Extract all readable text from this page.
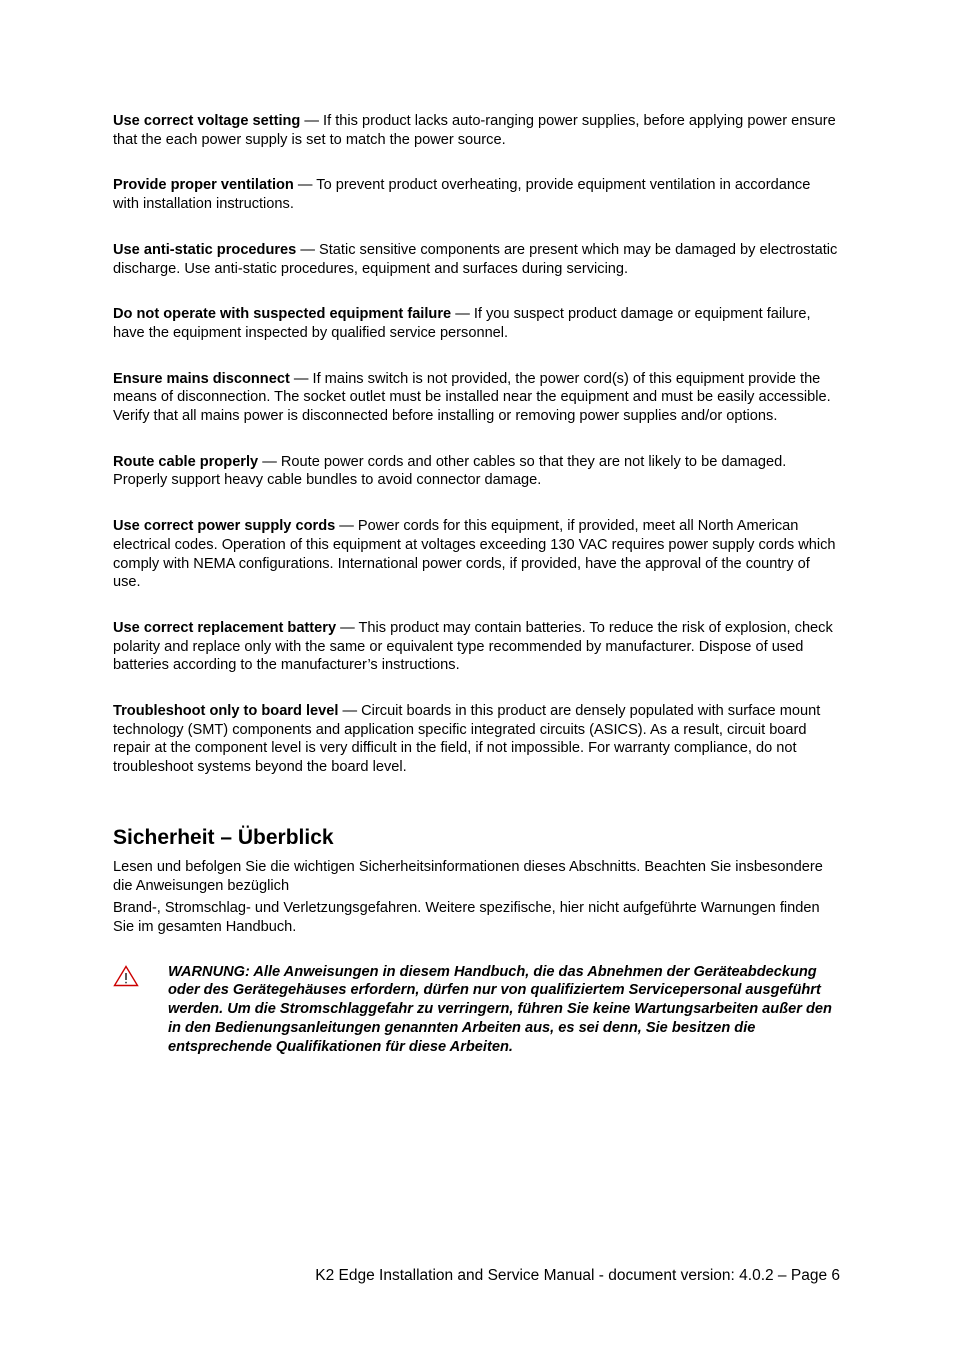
Use correct voltage setting — If this product lacks auto-ranging power supplies, before applying power ensure that the each power supply is set to match the power source.
Provide proper ventilation — To prevent product overheating, provide equipment ventilation in accordance with installation instructions.
Use anti-static procedures — Static sensitive components are present which may be damaged by electrostatic discharge. Use anti-static procedures, equipment and surfaces during servicing.
Do not operate with suspected equipment failure — If you suspect product damage or equipment failure, have the equipment inspected by qualified service personnel.
Ensure mains disconnect — If mains switch is not provided, the power cord(s) of this equipment provide the means of disconnection. The socket outlet must be installed near the equipment and must be easily accessible. Verify that all mains power is disconnected before installing or removing power supplies and/or options.
Route cable properly — Route power cords and other cables so that they are not likely to be damaged. Properly support heavy cable bundles to avoid connector damage.
Use correct power supply cords — Power cords for this equipment, if provided, meet all North American electrical codes. Operation of this equipment at voltages exceeding 130 VAC requires power supply cords which comply with NEMA configurations. International power cords, if provided, have the approval of the country of use.
Use correct replacement battery — This product may contain batteries. To reduce the risk of explosion, check polarity and replace only with the same or equivalent type recommended by manufacturer. Dispose of used batteries according to the manufacturer’s instructions.
Troubleshoot only to board level — Circuit boards in this product are densely populated with surface mount technology (SMT) components and application specific integrated circuits (ASICS). As a result, circuit board repair at the component level is very difficult in the field, if not impossible. For warranty compliance, do not troubleshoot systems beyond the board level.
Sicherheit – Überblick

Lesen und befolgen Sie die wichtigen Sicherheitsinformationen dieses Abschnitts. Beachten Sie insbesondere die Anweisungen bezüglich

Brand-, Stromschlag- und Verletzungsgefahren. Weitere spezifische, hier nicht aufgeführte Warnungen finden Sie im gesamten Handbuch.

WARNUNG: Alle Anweisungen in diesem Handbuch, die das Abnehmen der Geräteabdeckung oder des Gerätegehäuses erfordern, dürfen nur von qualifiziertem Servicepersonal ausgeführt werden. Um die Stromschlaggefahr zu verringern, führen Sie keine Wartungsarbeiten außer den in den Bedienungsanleitungen genannten Arbeiten aus, es sei denn, Sie besitzen die entsprechende Qualifikationen für diese Arbeiten.
K2 Edge Installation and Service Manual - document version: 4.0.2 – Page 6
